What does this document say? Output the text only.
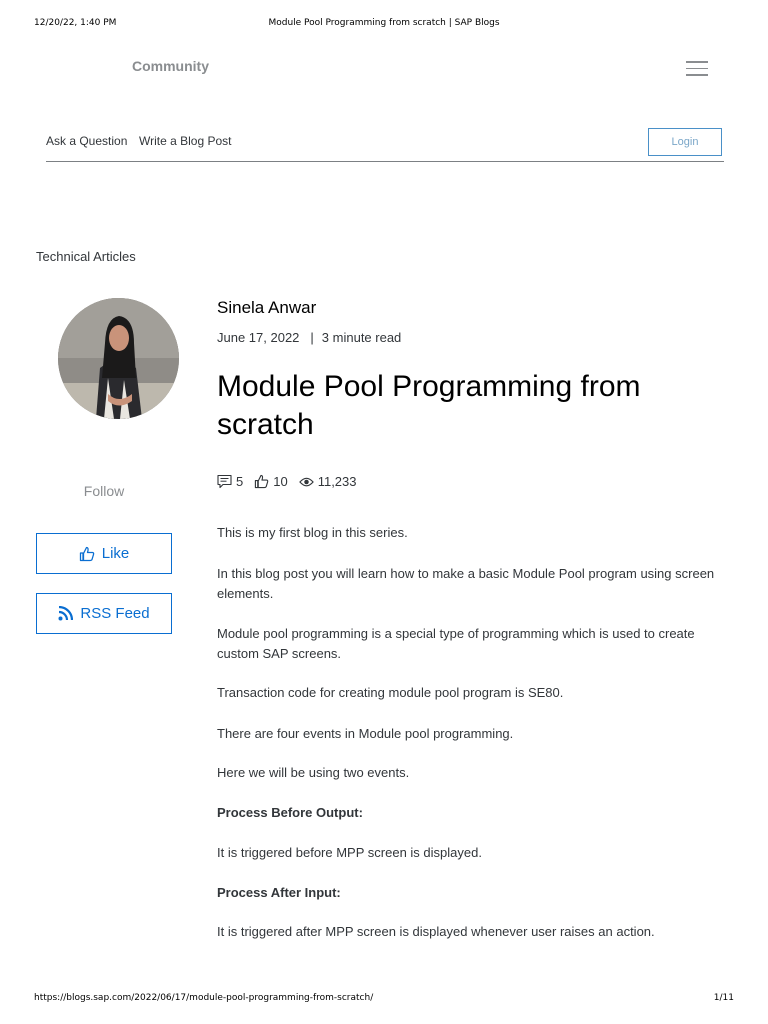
12/20/22, 1:40 PM	Module Pool Programming from scratch | SAP Blogs
Community
Ask a Question Write a Blog Post	Login
Technical Articles
Follow
Like
RSS Feed
Sinela Anwar
June 17, 2022 | 3 minute read
Module Pool Programming from scratch
5 10 11,233
This is my first blog in this series.
In this blog post you will learn how to make a basic Module Pool program using screen elements.
Module pool programming is a special type of programming which is used to create custom SAP screens.
Transaction code for creating module pool program is SE80.
There are four events in Module pool programming.
Here we will be using two events.
Process Before Output:
It is triggered before MPP screen is displayed.
Process After Input:
It is triggered after MPP screen is displayed whenever user raises an action.
https://blogs.sap.com/2022/06/17/module-pool-programming-from-scratch/	1/11
